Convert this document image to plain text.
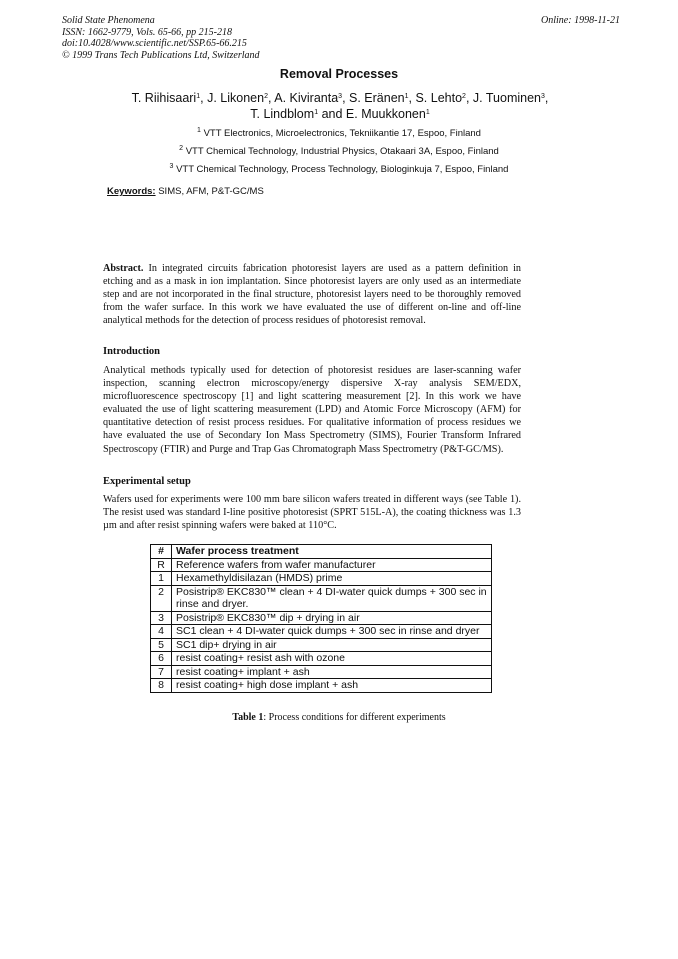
Solid State Phenomena
ISSN: 1662-9779, Vols. 65-66, pp 215-218
doi:10.4028/www.scientific.net/SSP.65-66.215
© 1999 Trans Tech Publications Ltd, Switzerland
Online: 1998-11-21
Removal Processes
T. Riihisaari$^1$, J. Likonen$^2$, A. Kiviranta$^3$, S. Eränen$^1$, S. Lehto$^2$, J. Tuominen$^3$,
T. Lindblom$^1$ and E. Muukkonen$^1$
$^1$ VTT Electronics, Microelectronics, Tekniikantie 17, Espoo, Finland
$^2$ VTT Chemical Technology, Industrial Physics, Otakaari 3A, Espoo, Finland
$^3$ VTT Chemical Technology, Process Technology, Biologinkuja 7, Espoo, Finland
Keywords: SIMS, AFM, P&T-GC/MS
Abstract. In integrated circuits fabrication photoresist layers are used as a pattern definition in etching and as a mask in ion implantation. Since photoresist layers are only used as an intermediate step and are not incorporated in the final structure, photoresist layers need to be thoroughly removed from the wafer surface. In this work we have evaluated the use of different on-line and off-line analytical methods for the detection of process residues of photoresist removal.
Introduction
Analytical methods typically used for detection of photoresist residues are laser-scanning wafer inspection, scanning electron microscopy/energy dispersive X-ray analysis SEM/EDX, microfluorescence spectroscopy [1] and light scattering measurement [2]. In this work we have evaluated the use of light scattering measurement (LPD) and Atomic Force Microscopy (AFM) for quantitative detection of resist process residues. For qualitative information of process residues we have evaluated the use of Secondary Ion Mass Spectrometry (SIMS), Fourier Transform Infrared Spectroscopy (FTIR) and Purge and Trap Gas Chromatograph Mass Spectrometry (P&T-GC/MS).
Experimental setup
Wafers used for experiments were 100 mm bare silicon wafers treated in different ways (see Table 1). The resist used was standard I-line positive photoresist (SPRT 515L-A), the coating thickness was 1.3 µm and after resist spinning wafers were baked at 110°C.
#	Wafer process treatment
R	Reference wafers from wafer manufacturer
1	Hexamethyldisilazan (HMDS) prime
2	Posistrip® EKC830™ clean + 4 DI-water quick dumps + 300 sec in rinse and dryer.
3	Posistrip® EKC830™ dip + drying in air
4	SC1 clean + 4 DI-water quick dumps + 300 sec in rinse and dryer
5	SC1 dip+ drying in air
6	resist coating+ resist ash with ozone
7	resist coating+ implant + ash
8	resist coating+ high dose implant + ash
Table 1: Process conditions for different experiments
